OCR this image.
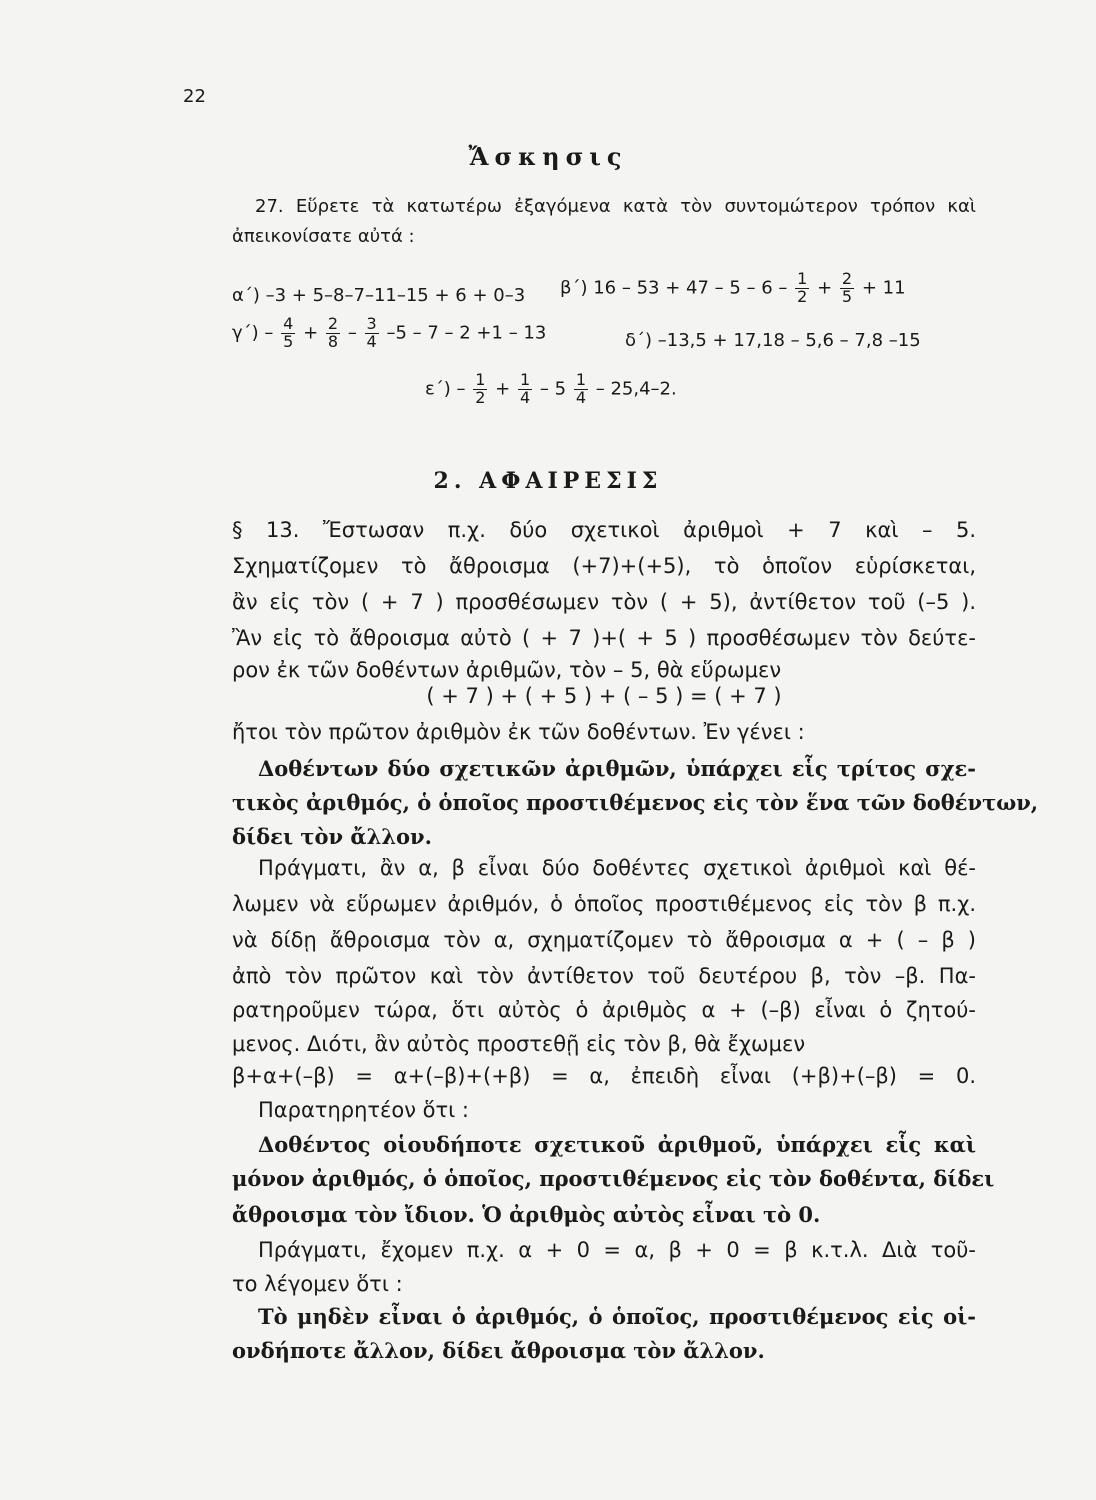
22
Ἄσκησις
27. Εὕρετε τὰ κατωτέρω ἐξαγόμενα κατὰ τὸν συντομώτερον τρόπον καὶ
ἀπεικονίσατε αὐτά :
α΄) –3 + 5–8–7–11–15 + 6 + 0–3 β΄) $16 - 53 + 47 - 5 - 6 - \frac{1}{2} + \frac{2}{5} + 11$
$\gamma΄) - \frac{4}{5} + \frac{2}{8} - \frac{3}{4} -5 - 7 - 2 +1 - 13$	δ΄) –13,5 + 17,18 – 5,6 – 7,8 –15
$\varepsilon΄) - \frac{1}{2} + \frac{1}{4} - 5 \frac{1}{4} - 25,4-2$.
2. ΑΦΑΙΡΕΣΙΣ
§ 13. Ἔστωσαν π.χ. δύο σχετικοὶ ἀριθμοὶ + 7 καὶ – 5.
Σχηματίζομεν τὸ ἄθροισμα (+7)+(+5), τὸ ὁποῖον εὑρίσκεται,
ἂν εἰς τὸν ( + 7 ) προσθέσωμεν τὸν ( + 5), ἀντίθετον τοῦ (–5 ).
Ἂν εἰς τὸ ἄθροισμα αὐτὸ ( + 7 )+( + 5 ) προσθέσωμεν τὸν δεύτε-
ρον ἐκ τῶν δοθέντων ἀριθμῶν, τὸν – 5, θὰ εὕρωμεν
( + 7 ) + ( + 5 ) + ( – 5 ) = ( + 7 )
ἤτοι τὸν πρῶτον ἀριθμὸν ἐκ τῶν δοθέντων. Ἐν γένει :
Δοθέντων δύο σχετικῶν ἀριθμῶν, ὑπάρχει εἷς τρίτος σχε-
τικὸς ἀριθμός, ὁ ὁποῖος προστιθέμενος εἰς τὸν ἕνα τῶν δοθέντων,
δίδει τὸν ἄλλον.
Πράγματι, ἂν α, β εἶναι δύο δοθέντες σχετικοὶ ἀριθμοὶ καὶ θέ-
λωμεν νὰ εὕρωμεν ἀριθμόν, ὁ ὁποῖος προστιθέμενος εἰς τὸν β π.χ.
νὰ δίδῃ ἄθροισμα τὸν α, σχηματίζομεν τὸ ἄθροισμα α + ( – β )
ἀπὸ τὸν πρῶτον καὶ τὸν ἀντίθετον τοῦ δευτέρου β, τὸν –β. Πα-
ρατηροῦμεν τώρα, ὅτι αὐτὸς ὁ ἀριθμὸς α + (–β) εἶναι ὁ ζητού-
μενος. Διότι, ἂν αὐτὸς προστεθῇ εἰς τὸν β, θὰ ἔχωμεν
β+α+(–β) = α+(–β)+(+β) = α, ἐπειδὴ εἶναι (+β)+(–β) = 0.
Παρατηρητέον ὅτι :
Δοθέντος οἱουδήποτε σχετικοῦ ἀριθμοῦ, ὑπάρχει εἷς καὶ
μόνον ἀριθμός, ὁ ὁποῖος, προστιθέμενος εἰς τὸν δοθέντα, δίδει
ἄθροισμα τὸν ἴδιον. Ὁ ἀριθμὸς αὐτὸς εἶναι τὸ 0.
Πράγματι, ἔχομεν π.χ. α + 0 = α, β + 0 = β κ.τ.λ. Διὰ τοῦ-
το λέγομεν ὅτι :
Τὸ μηδὲν εἶναι ὁ ἀριθμός, ὁ ὁποῖος, προστιθέμενος εἰς οἱ-
ονδήποτε ἄλλον, δίδει ἄθροισμα τὸν ἄλλον.
